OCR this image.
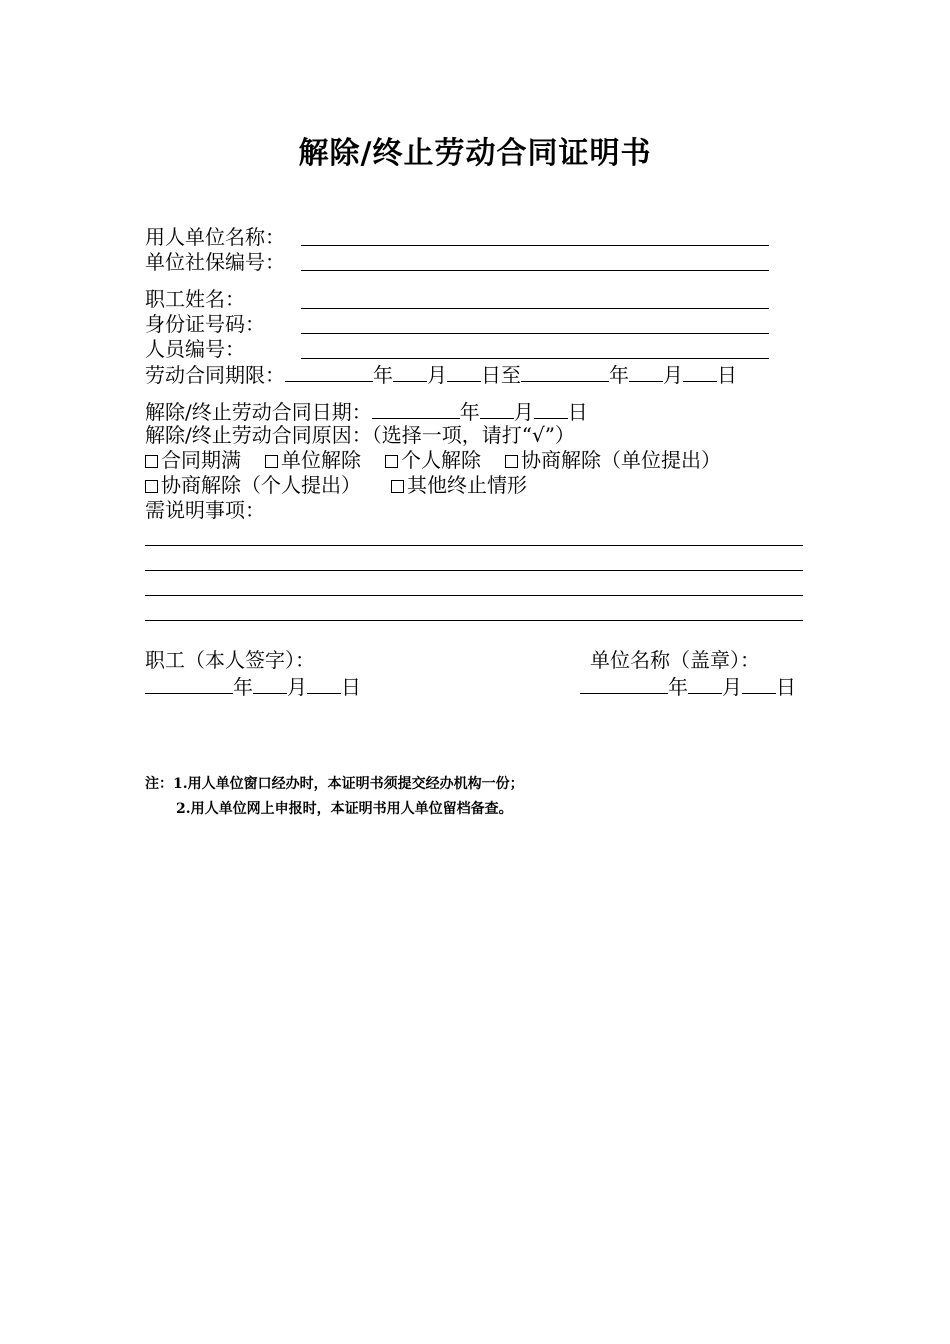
解除/终止劳动合同证明书
用人单位名称：
单位社保编号：
职工姓名：
身份证号码：
人员编号：
劳动合同期限：	年 月 日至	年 月 日
解除/终止劳动合同日期：	年 月 日
解除/终止劳动合同原因：（选择一项，请打“√”）
合同期满 单位解除 个人解除 协商解除（单位提出）
协商解除（个人提出） 其他终止情形
需说明事项：
职工（本人签字）：	单位名称（盖章）：
年 月 日	年 月 日
注：1.用人单位窗口经办时，本证明书须提交经办机构一份；
2.用人单位网上申报时，本证明书用人单位留档备查。
